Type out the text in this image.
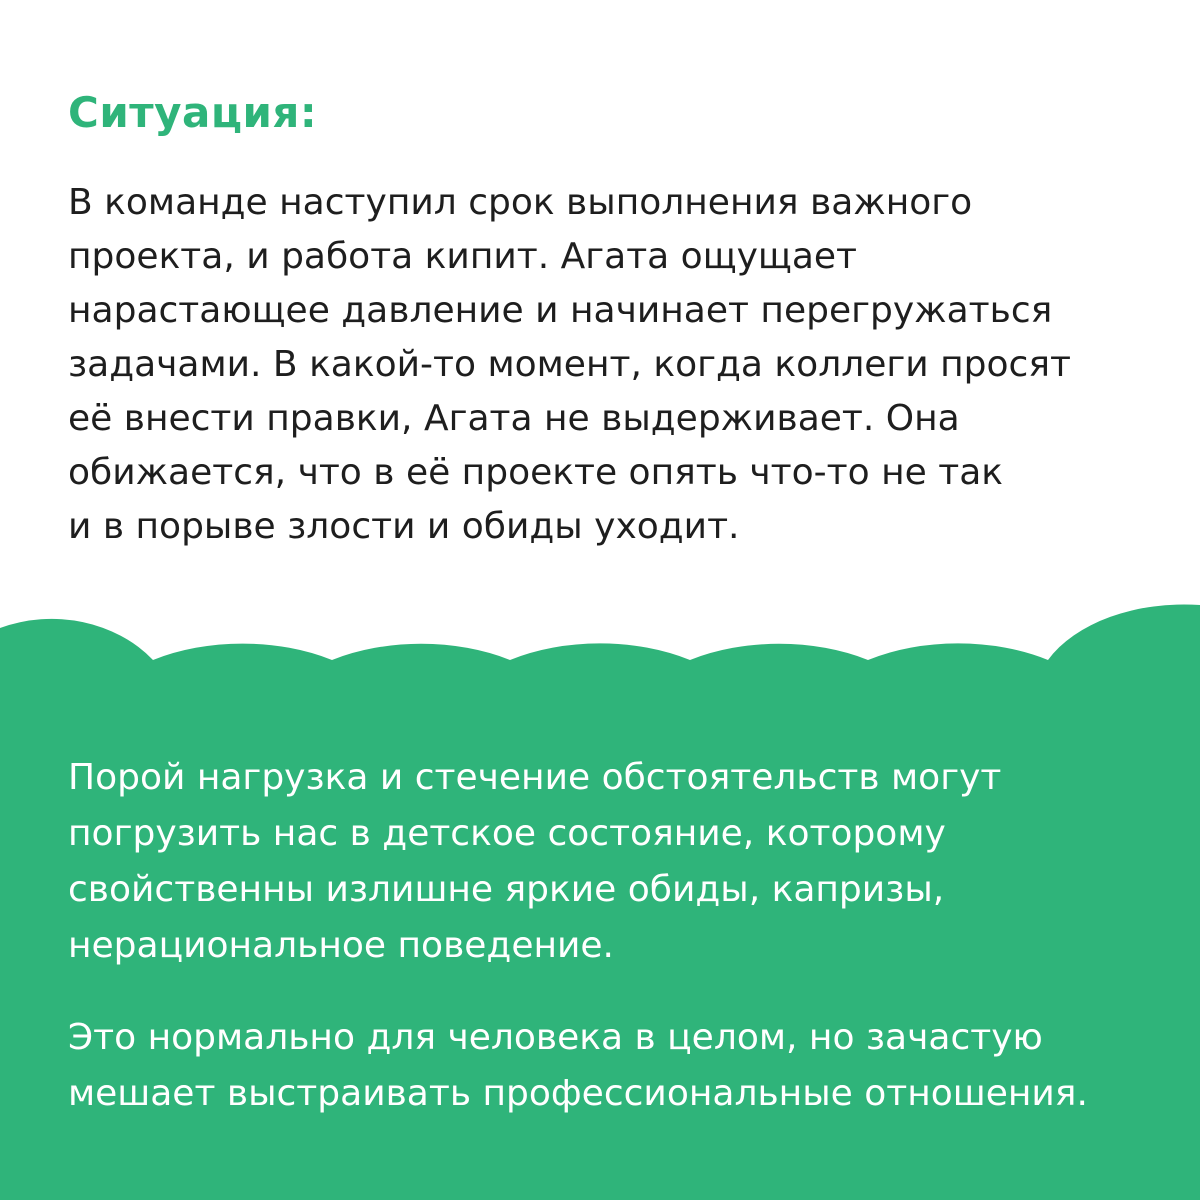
Ситуация:

В команде наступил срок выполнения важного
проекта, и работа кипит. Агата ощущает
нарастающее давление и начинает перегружаться
задачами. В какой-то момент, когда коллеги просят
её внести правки, Агата не выдерживает. Она
обижается, что в её проекте опять что-то не так
и в порыве злости и обиды уходит.

Порой нагрузка и стечение обстоятельств могут
погрузить нас в детское состояние, которому
свойственны излишне яркие обиды, капризы,
нерациональное поведение.

Это нормально для человека в целом, но зачастую
мешает выстраивать профессиональные отношения.
